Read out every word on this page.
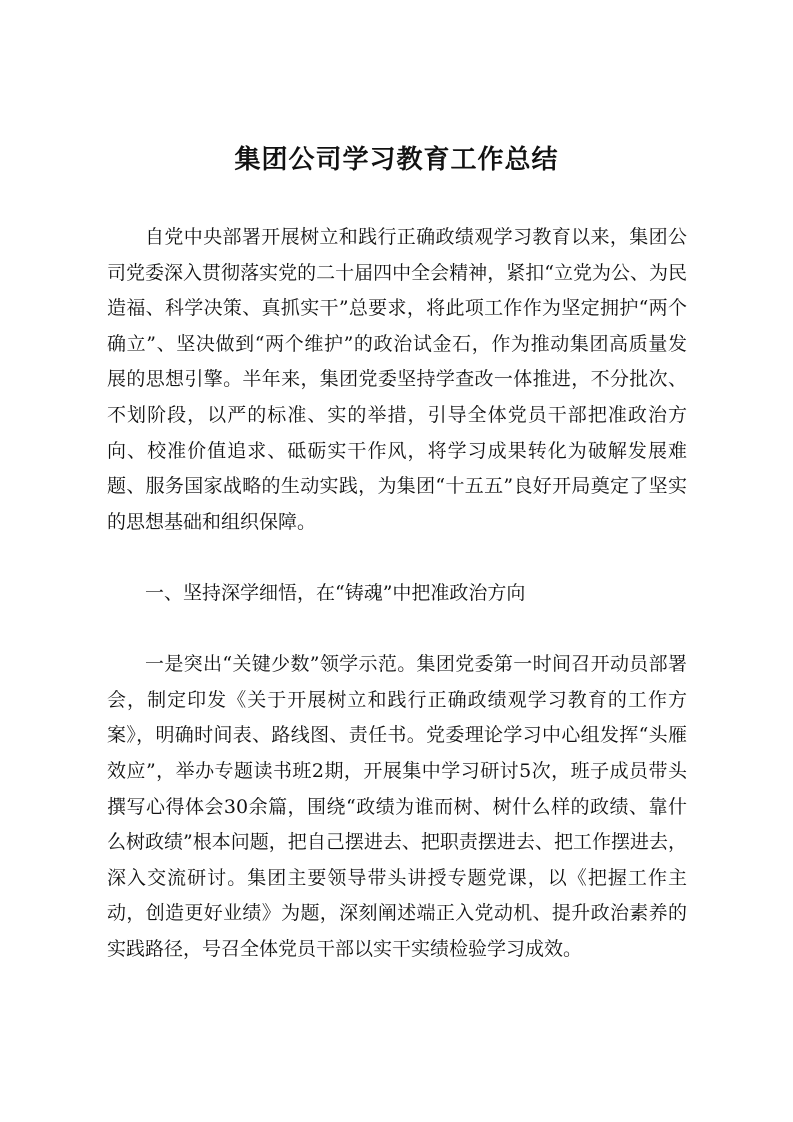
集团公司学习教育工作总结

自党中央部署开展树立和践行正确政绩观学习教育以来，集团公司党委深入贯彻落实党的二十届四中全会精神，紧扣“立党为公、为民造福、科学决策、真抓实干”总要求，将此项工作作为坚定拥护“两个确立”、坚决做到“两个维护”的政治试金石，作为推动集团高质量发展的思想引擎。半年来，集团党委坚持学查改一体推进，不分批次、不划阶段，以严的标准、实的举措，引导全体党员干部把准政治方向、校准价值追求、砥砺实干作风，将学习成果转化为破解发展难题、服务国家战略的生动实践，为集团“十五五”良好开局奠定了坚实的思想基础和组织保障。

一、坚持深学细悟，在“铸魂”中把准政治方向

一是突出“关键少数”领学示范。集团党委第一时间召开动员部署会，制定印发《关于开展树立和践行正确政绩观学习教育的工作方案》，明确时间表、路线图、责任书。党委理论学习中心组发挥“头雁效应”，举办专题读书班2期，开展集中学习研讨5次，班子成员带头撰写心得体会30余篇，围绕“政绩为谁而树、树什么样的政绩、靠什么树政绩”根本问题，把自己摆进去、把职责摆进去、把工作摆进去，深入交流研讨。集团主要领导带头讲授专题党课，以《把握工作主动，创造更好业绩》为题，深刻阐述端正入党动机、提升政治素养的实践路径，号召全体党员干部以实干实绩检验学习成效。
